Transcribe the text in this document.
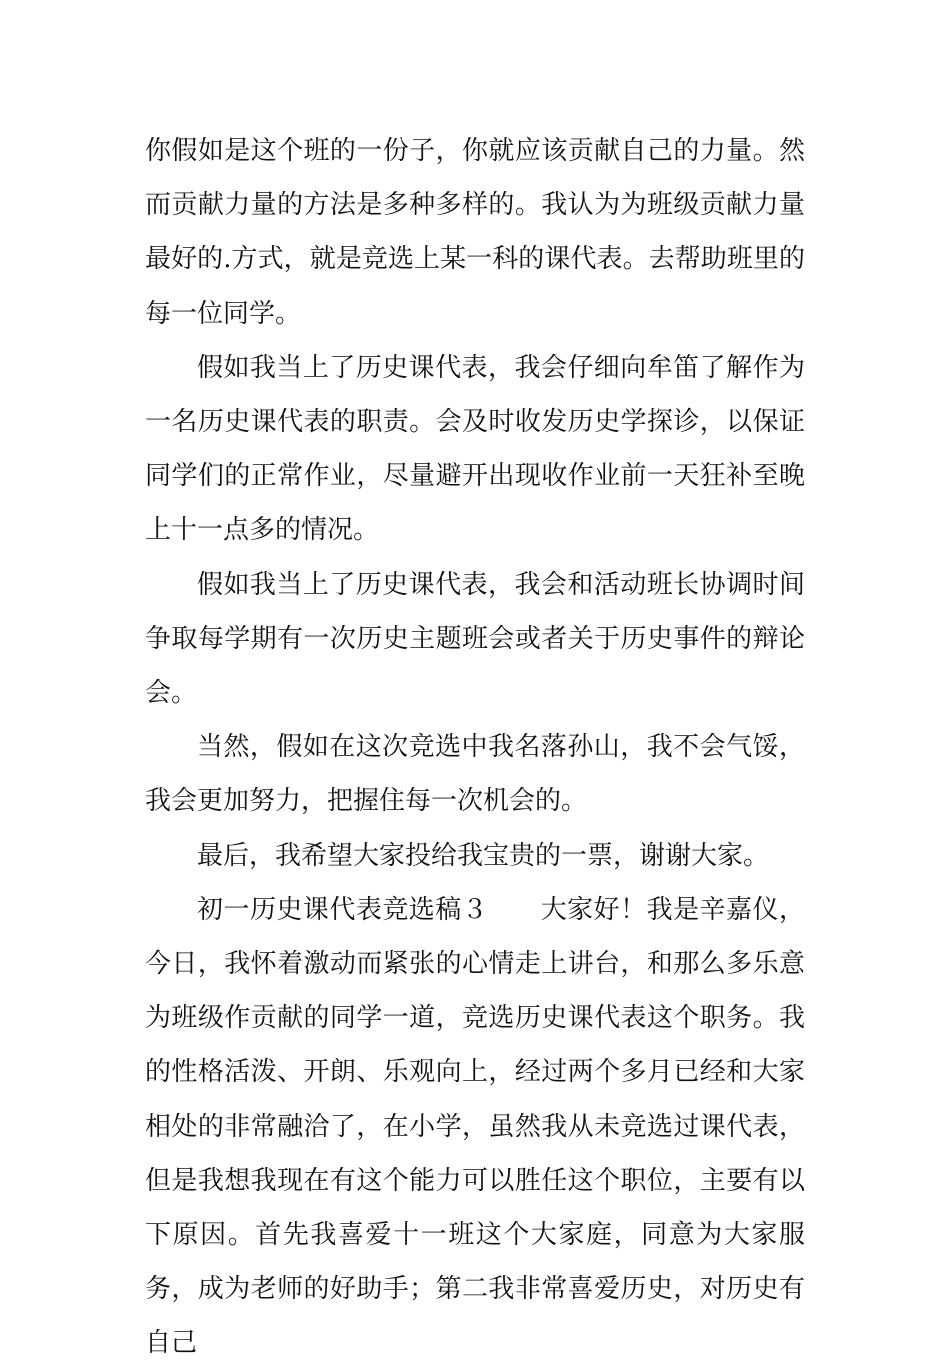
你假如是这个班的一份子，你就应该贡献自己的力量。然而贡献力量的方法是多种多样的。我认为为班级贡献力量最好的.方式，就是竞选上某一科的课代表。去帮助班里的每一位同学。

假如我当上了历史课代表，我会仔细向牟笛了解作为一名历史课代表的职责。会及时收发历史学探诊，以保证同学们的正常作业，尽量避开出现收作业前一天狂补至晚上十一点多的情况。

假如我当上了历史课代表，我会和活动班长协调时间争取每学期有一次历史主题班会或者关于历史事件的辩论会。

当然，假如在这次竞选中我名落孙山，我不会气馁，我会更加努力，把握住每一次机会的。

最后，我希望大家投给我宝贵的一票，谢谢大家。

初一历史课代表竞选稿３ 大家好！我是辛嘉仪，今日，我怀着激动而紧张的心情走上讲台，和那么多乐意为班级作贡献的同学一道，竞选历史课代表这个职务。我的性格活泼、开朗、乐观向上，经过两个多月已经和大家相处的非常融洽了，在小学，虽然我从未竞选过课代表，但是我想我现在有这个能力可以胜任这个职位，主要有以下原因。首先我喜爱十一班这个大家庭，同意为大家服务，成为老师的好助手；第二我非常喜爱历史，对历史有自己
